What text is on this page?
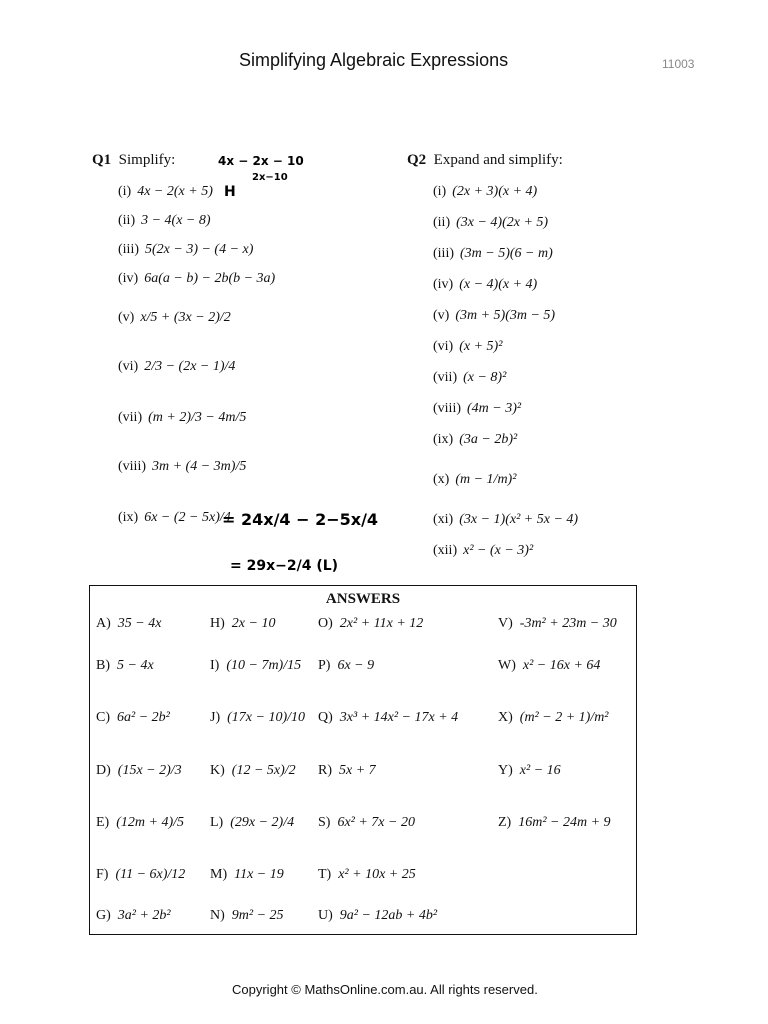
Simplifying Algebraic Expressions	11003
Q1 Simplify:
(i) 4x − 2(x + 5)
(ii) 3 − 4(x − 8)
(iii) 5(2x − 3) − (4 − x)
(iv) 6a(a − b) − 2b(b − 3a)
(v) x/5 + (3x − 2)/2
(vi) 2/3 − (2x − 1)/4
(vii) (m + 2)/3 − 4m/5
(viii) 3m + (4 − 3m)/5
(ix) 6x − (2 − 5x)/4
4x − 2x − 10
2x−10
H
= 24x/4 − 2−5x/4
= 29x−2/4 (L)
Q2 Expand and simplify:
(i) (2x + 3)(x + 4)
(ii) (3x − 4)(2x + 5)
(iii) (3m − 5)(6 − m)
(iv) (x − 4)(x + 4)
(v) (3m + 5)(3m − 5)
(vi) (x + 5)²
(vii) (x − 8)²
(viii) (4m − 3)²
(ix) (3a − 2b)²
(x) (m − 1/m)²
(xi) (3x − 1)(x² + 5x − 4)
(xii) x² − (x − 3)²
ANSWERS
A) 35 − 4x
B) 5 − 4x
C) 6a² − 2b²
D) (15x − 2)/3
E) (12m + 4)/5
F) (11 − 6x)/12
G) 3a² + 2b²
H) 2x − 10
I) (10 − 7m)/15
J) (17x − 10)/10
K) (12 − 5x)/2
L) (29x − 2)/4
M) 11x − 19
N) 9m² − 25
O) 2x² + 11x + 12
P) 6x − 9
Q) 3x³ + 14x² − 17x + 4
R) 5x + 7
S) 6x² + 7x − 20
T) x² + 10x + 25
U) 9a² − 12ab + 4b²
V) -3m² + 23m − 30
W) x² − 16x + 64
X) (m² − 2 + 1)/m²
Y) x² − 16
Z) 16m² − 24m + 9
Copyright © MathsOnline.com.au. All rights reserved.
